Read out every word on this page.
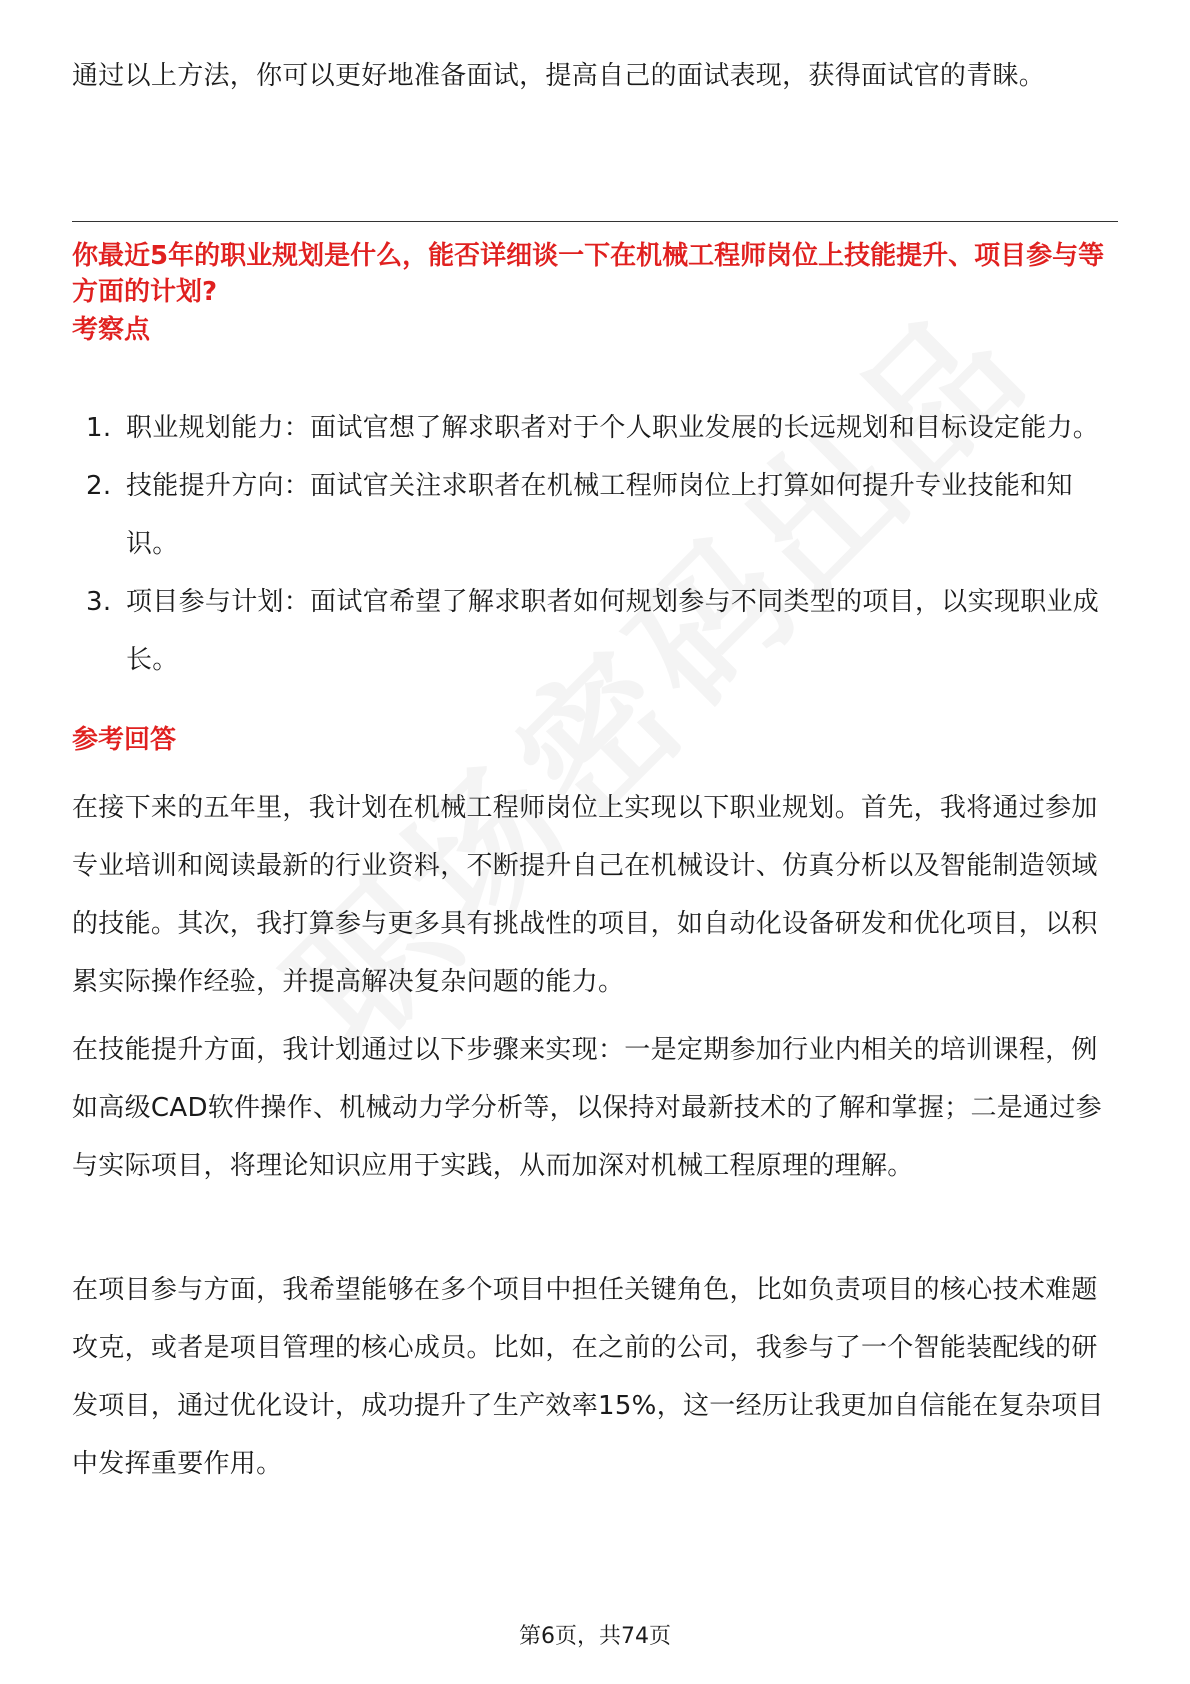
通过以上方法，你可以更好地准备面试，提高自己的面试表现，获得面试官的青睐。

你最近5年的职业规划是什么，能否详细谈一下在机械工程师岗位上技能提升、项目参与等方面的计划?

考察点

1. 职业规划能力：面试官想了解求职者对于个人职业发展的长远规划和目标设定能力。
2. 技能提升方向：面试官关注求职者在机械工程师岗位上打算如何提升专业技能和知识。
3. 项目参与计划：面试官希望了解求职者如何规划参与不同类型的项目，以实现职业成长。

参考回答

在接下来的五年里，我计划在机械工程师岗位上实现以下职业规划。首先，我将通过参加专业培训和阅读最新的行业资料，不断提升自己在机械设计、仿真分析以及智能制造领域的技能。其次，我打算参与更多具有挑战性的项目，如自动化设备研发和优化项目，以积累实际操作经验，并提高解决复杂问题的能力。

在技能提升方面，我计划通过以下步骤来实现：一是定期参加行业内相关的培训课程，例如高级CAD软件操作、机械动力学分析等，以保持对最新技术的了解和掌握；二是通过参与实际项目，将理论知识应用于实践，从而加深对机械工程原理的理解。

在项目参与方面，我希望能够在多个项目中担任关键角色，比如负责项目的核心技术难题攻克，或者是项目管理的核心成员。比如，在之前的公司，我参与了一个智能装配线的研发项目，通过优化设计，成功提升了生产效率15%，这一经历让我更加自信能在复杂项目中发挥重要作用。

第6页，共74页
